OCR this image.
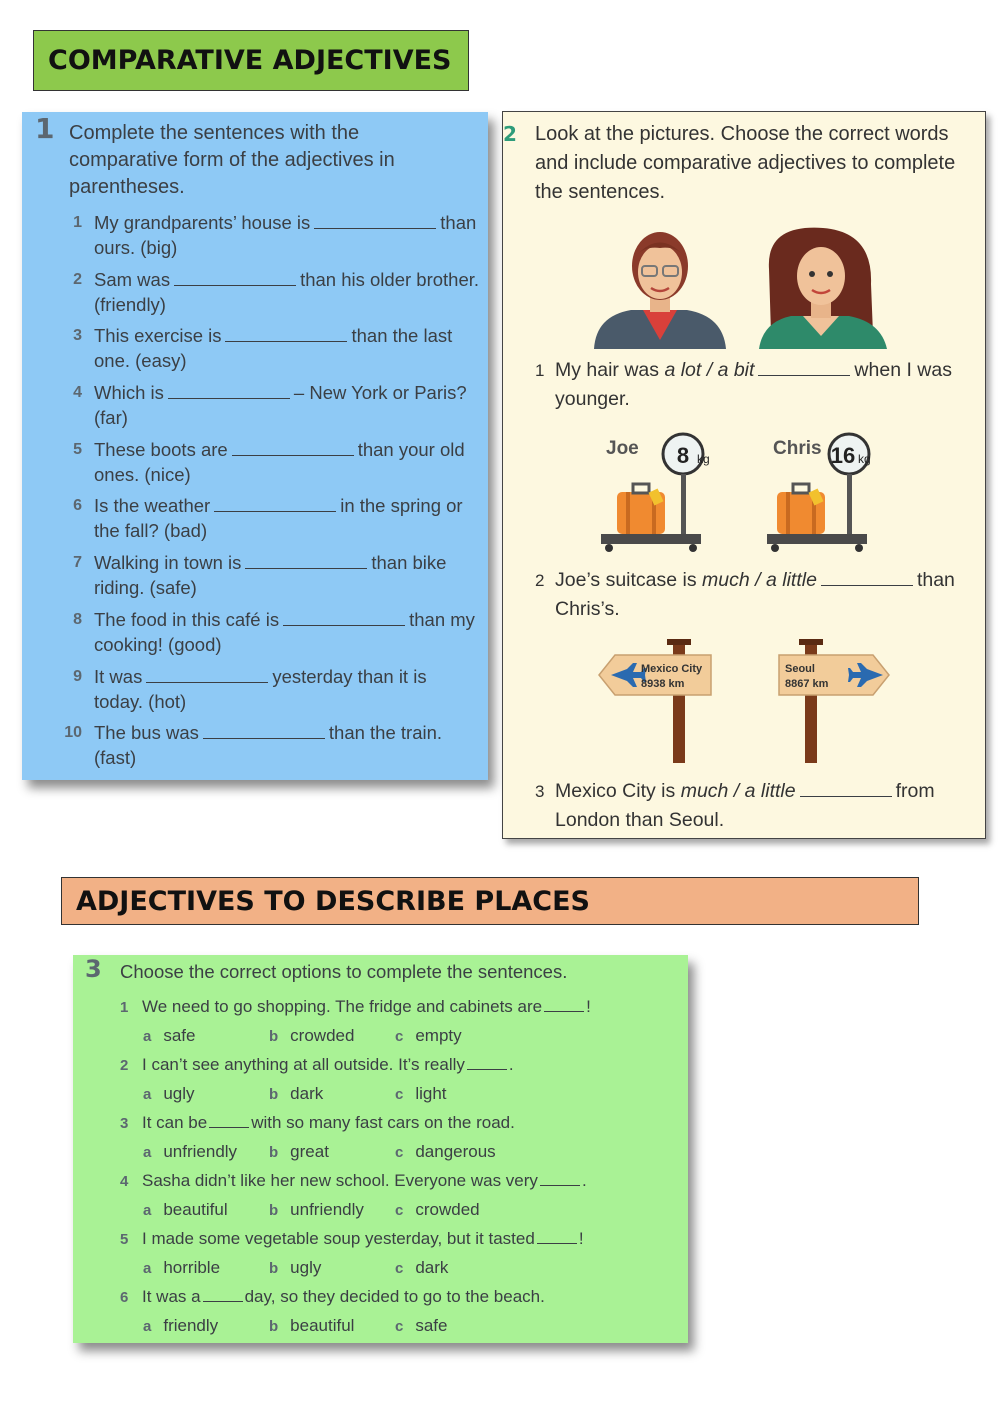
COMPARATIVE ADJECTIVES
1 Complete the sentences with the comparative form of the adjectives in parentheses.
1 My grandparents’ house is	than ours. (big)
2 Sam was	than his older brother. (friendly)
3 This exercise is	than the last one. (easy)
4 Which is	– New York or Paris? (far)
5 These boots are	than your old ones. (nice)
6 Is the weather	in the spring or the fall? (bad)
7 Walking in town is	than bike riding. (safe)
8 The food in this café is	than my cooking! (good)
9 It was	yesterday than it is today. (hot)
10 The bus was	than the train. (fast)
2 Look at the pictures. Choose the correct words and include comparative adjectives to complete the sentences.
1 My hair was a lot / a bit	when I was younger.
Joe	Chris
8 kg	16 kg
2 Joe’s suitcase is much / a little	than Chris’s.
Mexico City
8938 km
Seoul
8867 km
3 Mexico City is much / a little	from London than Seoul.
ADJECTIVES TO DESCRIBE PLACES
3 Choose the correct options to complete the sentences.
1 We need to go shopping. The fridge and cabinets are	!
a safe	b crowded	c empty
2 I can’t see anything at all outside. It’s really	.
a ugly	b dark	c light
3 It can be	with so many fast cars on the road.
a unfriendly b great	c dangerous
4 Sasha didn’t like her new school. Everyone was very	.
a beautiful	b unfriendly c crowded
5 I made some vegetable soup yesterday, but it tasted	!
a horrible	b ugly	c dark
6 It was a	day, so they decided to go to the beach.
a friendly	b beautiful	c safe
